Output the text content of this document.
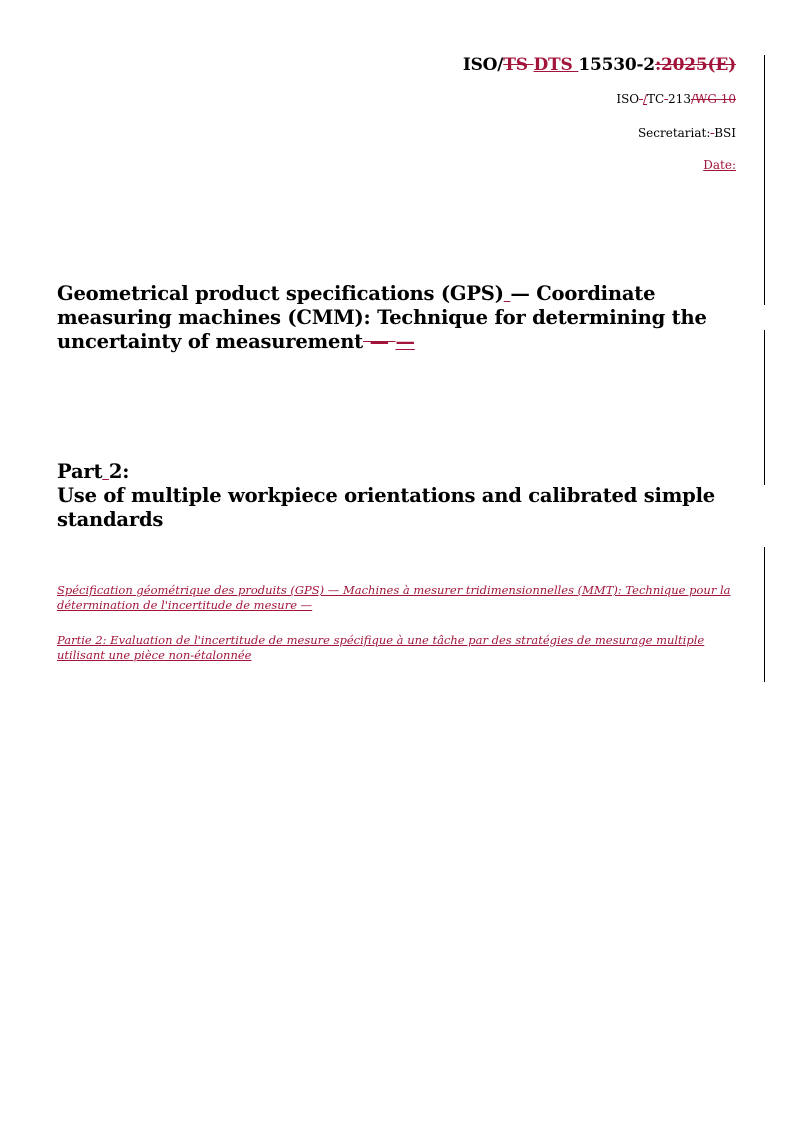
ISO/TS DTS 15530-2:2025(E)
ISO /TC 213/WG 10
Secretariat: BSI
Date:
Geometrical product specifications (GPS) — Coordinate measuring machines (CMM): Technique for determining the uncertainty of measurement — —
Part 2:
Use of multiple workpiece orientations and calibrated simple standards
Spécification géométrique des produits (GPS) — Machines à mesurer tridimensionnelles (MMT): Technique pour la détermination de l'incertitude de mesure —
Partie 2: Evaluation de l'incertitude de mesure spécifique à une tâche par des stratégies de mesurage multiple utilisant une pièce non-étalonnée
